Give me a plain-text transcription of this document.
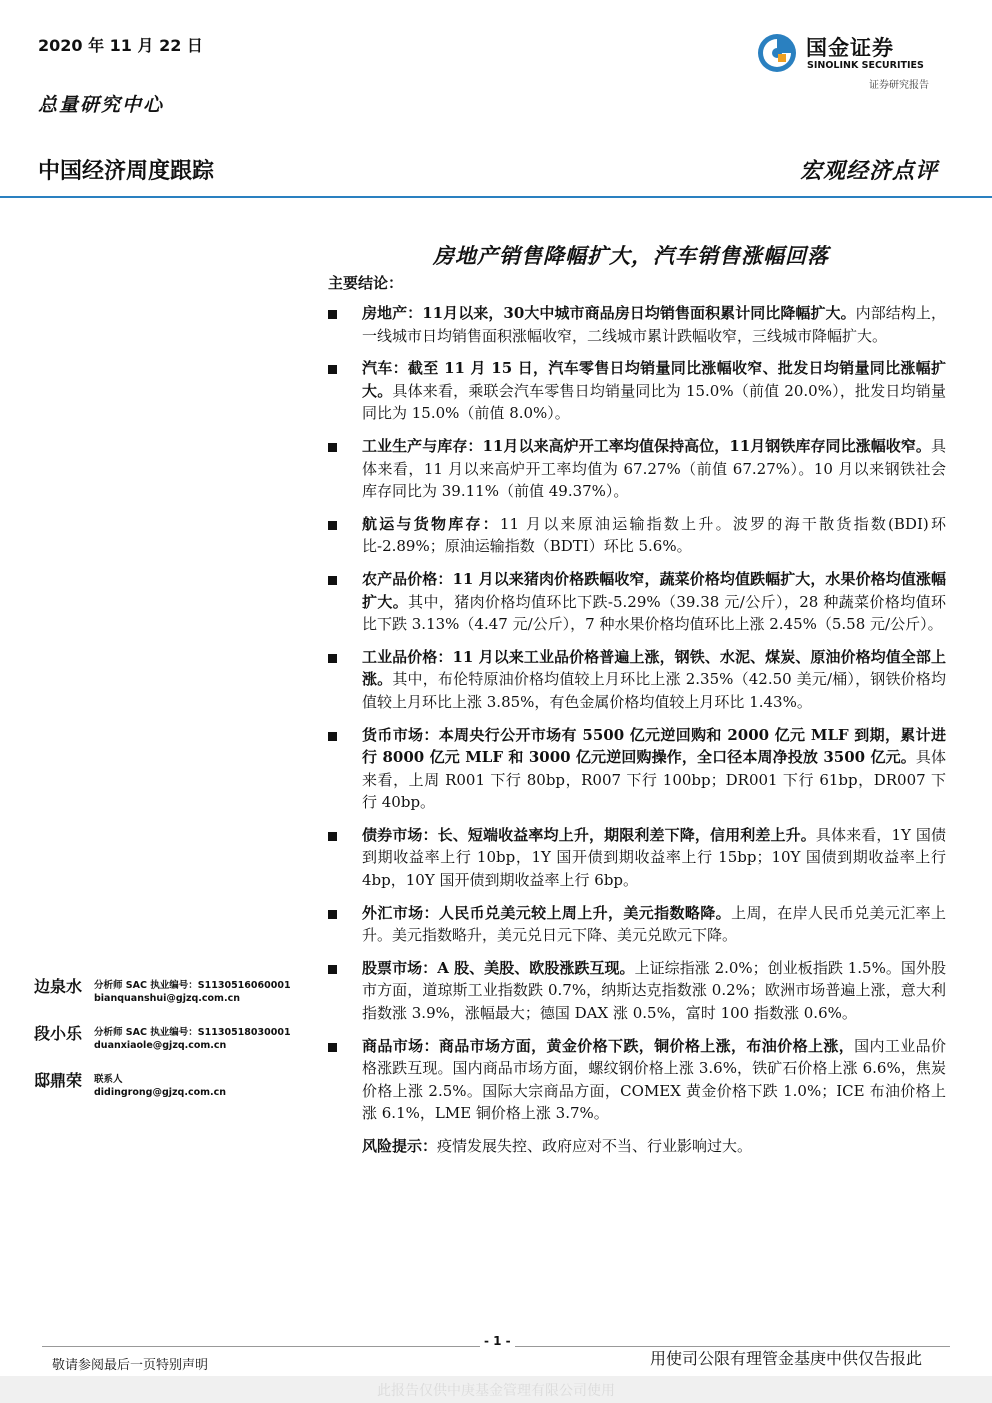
2020 年 11 月 22 日
总量研究中心
国金证券
SINOLINK SECURITIES
证券研究报告
中国经济周度跟踪	宏观经济点评
房地产销售降幅扩大，汽车销售涨幅回落
主要结论：
房地产：11月以来，30大中城市商品房日均销售面积累计同比降幅扩大。内部结构上，一线城市日均销售面积涨幅收窄，二线城市累计跌幅收窄，三线城市降幅扩大。
汽车：截至 11 月 15 日，汽车零售日均销量同比涨幅收窄、批发日均销量同比涨幅扩大。具体来看，乘联会汽车零售日均销量同比为 15.0%（前值 20.0%），批发日均销量同比为 15.0%（前值 8.0%）。
工业生产与库存：11月以来高炉开工率均值保持高位，11月钢铁库存同比涨幅收窄。具体来看，11 月以来高炉开工率均值为 67.27%（前值 67.27%）。10 月以来钢铁社会库存同比为 39.11%（前值 49.37%）。
航运与货物库存：11 月以来原油运输指数上升。波罗的海干散货指数(BDI)环比-2.89%；原油运输指数（BDTI）环比 5.6%。
农产品价格：11 月以来猪肉价格跌幅收窄，蔬菜价格均值跌幅扩大，水果价格均值涨幅扩大。其中，猪肉价格均值环比下跌-5.29%（39.38 元/公斤），28 种蔬菜价格均值环比下跌 3.13%（4.47 元/公斤），7 种水果价格均值环比上涨 2.45%（5.58 元/公斤）。
工业品价格：11 月以来工业品价格普遍上涨，钢铁、水泥、煤炭、原油价格均值全部上涨。其中，布伦特原油价格均值较上月环比上涨 2.35%（42.50 美元/桶），钢铁价格均值较上月环比上涨 3.85%，有色金属价格均值较上月环比 1.43%。
货币市场：本周央行公开市场有 5500 亿元逆回购和 2000 亿元 MLF 到期，累计进行 8000 亿元 MLF 和 3000 亿元逆回购操作，全口径本周净投放 3500 亿元。具体来看，上周 R001 下行 80bp，R007 下行 100bp；DR001 下行 61bp，DR007 下行 40bp。
债券市场：长、短端收益率均上升，期限利差下降，信用利差上升。具体来看，1Y 国债到期收益率上行 10bp，1Y 国开债到期收益率上行 15bp；10Y 国债到期收益率上行 4bp，10Y 国开债到期收益率上行 6bp。
外汇市场：人民币兑美元较上周上升，美元指数略降。上周，在岸人民币兑美元汇率上升。美元指数略升，美元兑日元下降、美元兑欧元下降。
股票市场：A 股、美股、欧股涨跌互现。上证综指涨 2.0%；创业板指跌 1.5%。国外股市方面，道琼斯工业指数跌 0.7%，纳斯达克指数涨 0.2%；欧洲市场普遍上涨，意大利指数涨 3.9%，涨幅最大；德国 DAX 涨 0.5%，富时 100 指数涨 0.6%。
商品市场：商品市场方面，黄金价格下跌，铜价格上涨，布油价格上涨，国内工业品价格涨跌互现。国内商品市场方面，螺纹钢价格上涨 3.6%，铁矿石价格上涨 6.6%，焦炭价格上涨 2.5%。国际大宗商品方面，COMEX 黄金价格下跌 1.0%；ICE 布油价格上涨 6.1%，LME 铜价格上涨 3.7%。
风险提示：疫情发展失控、政府应对不当、行业影响过大。
边泉水 分析师 SAC 执业编号：S1130516060001
bianquanshui@gjzq.com.cn
段小乐 分析师 SAC 执业编号：S1130518030001
duanxiaole@gjzq.com.cn
邸鼎荣 联系人
didingrong@gjzq.com.cn
- 1 -
敬请参阅最后一页特别声明	用使司公限有理管金基庚中供仅告报此
此报告仅供中庚基金管理有限公司使用
